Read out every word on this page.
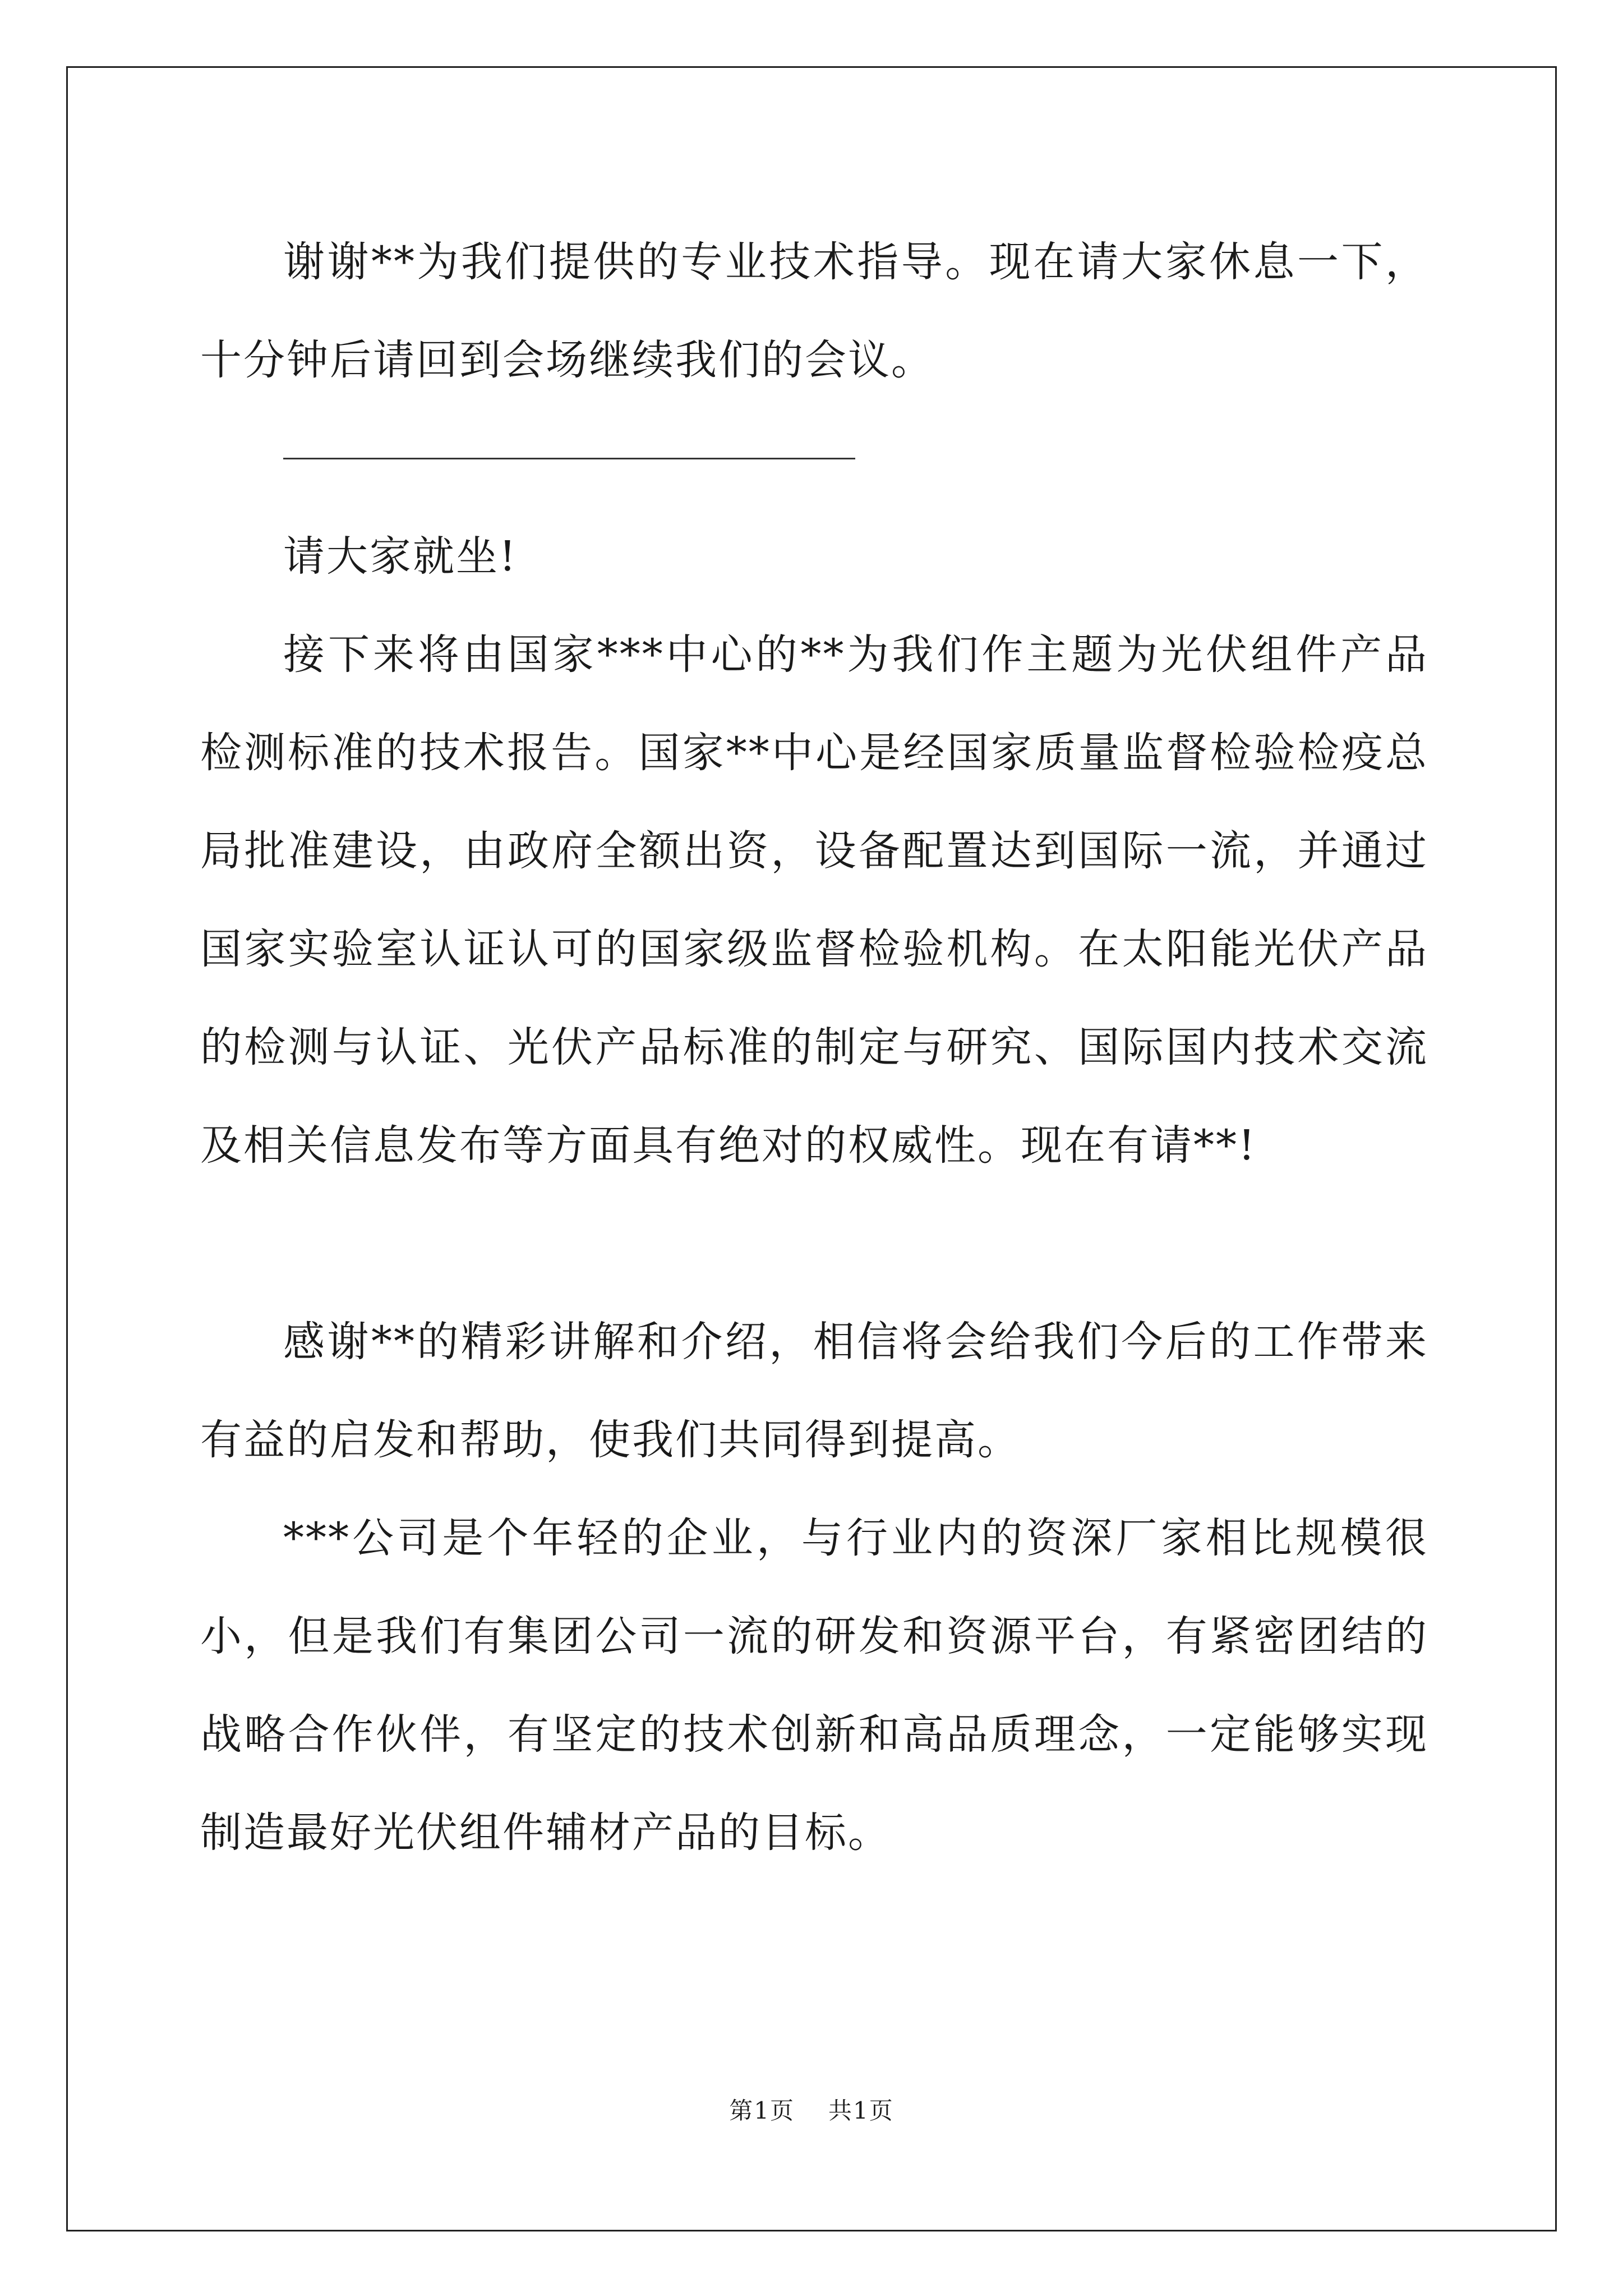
谢谢**为我们提供的专业技术指导。现在请大家休息一下，十分钟后请回到会场继续我们的会议。

请大家就坐!

接下来将由国家***中心的**为我们作主题为光伏组件产品检测标准的技术报告。国家**中心是经国家质量监督检验检疫总局批准建设，由政府全额出资，设备配置达到国际一流，并通过国家实验室认证认可的国家级监督检验机构。在太阳能光伏产品的检测与认证、光伏产品标准的制定与研究、国际国内技术交流及相关信息发布等方面具有绝对的权威性。现在有请**!

感谢**的精彩讲解和介绍，相信将会给我们今后的工作带来有益的启发和帮助，使我们共同得到提高。

***公司是个年轻的企业，与行业内的资深厂家相比规模很小，但是我们有集团公司一流的研发和资源平台，有紧密团结的战略合作伙伴，有坚定的技术创新和高品质理念，一定能够实现制造最好光伏组件辅材产品的目标。

第1页 共1页
